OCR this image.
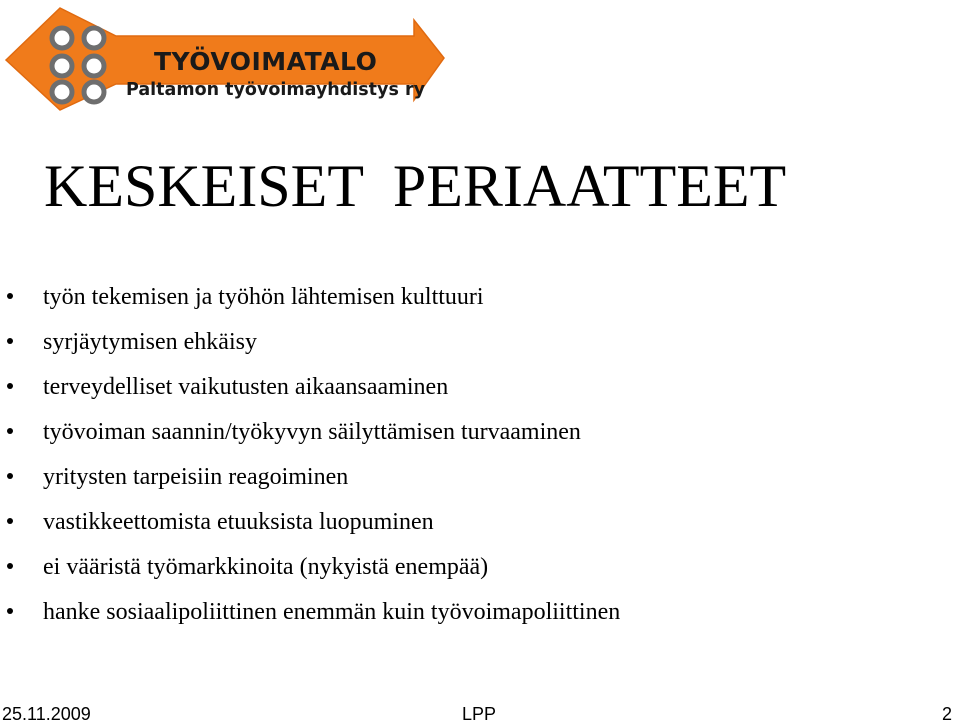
TYÖVOIMATALO
Paltamon työvoimayhdistys ry
KESKEISET  PERIAATTEET
työn tekemisen ja työhön lähtemisen kulttuuri
syrjäytymisen ehkäisy
terveydelliset vaikutusten aikaansaaminen
työvoiman saannin/työkyvyn säilyttämisen turvaaminen
yritysten tarpeisiin reagoiminen
vastikkeettomista etuuksista luopuminen
ei vääristä työmarkkinoita (nykyistä enempää)
hanke sosiaalipoliittinen enemmän kuin työvoimapoliittinen
25.11.2009	LPP	2
